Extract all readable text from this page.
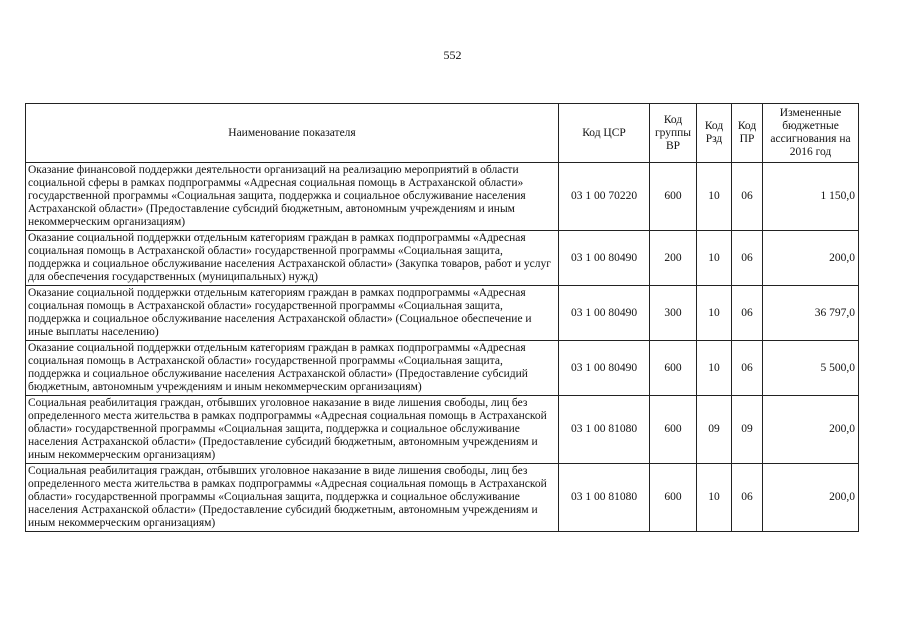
552
Наименование показателя	Код ЦСР	Код группы ВР	Код Рзд	Код ПР	Измененные бюджетные ассигнования на 2016 год
Оказание финансовой поддержки деятельности организаций на реализацию мероприятий в области социальной сферы в рамках подпрограммы «Адресная социальная помощь в Астраханской области» государственной программы «Социальная защита, поддержка и социальное обслуживание населения Астраханской области» (Предоставление субсидий бюджетным, автономным учреждениям и иным некоммерческим организациям)	03 1 00 70220	600	10	06	1 150,0
Оказание социальной поддержки отдельным категориям граждан в рамках подпрограммы «Адресная социальная помощь в Астраханской области» государственной программы «Социальная защита, поддержка и социальное обслуживание населения Астраханской области» (Закупка товаров, работ и услуг для обеспечения государственных (муниципальных) нужд)	03 1 00 80490	200	10	06	200,0
Оказание социальной поддержки отдельным категориям граждан в рамках подпрограммы «Адресная социальная помощь в Астраханской области» государственной программы «Социальная защита, поддержка и социальное обслуживание населения Астраханской области» (Социальное обеспечение и иные выплаты населению)	03 1 00 80490	300	10	06	36 797,0
Оказание социальной поддержки отдельным категориям граждан в рамках подпрограммы «Адресная социальная помощь в Астраханской области» государственной программы «Социальная защита, поддержка и социальное обслуживание населения Астраханской области» (Предоставление субсидий бюджетным, автономным учреждениям и иным некоммерческим организациям)	03 1 00 80490	600	10	06	5 500,0
Социальная реабилитация граждан, отбывших уголовное наказание в виде лишения свободы, лиц без определенного места жительства в рамках подпрограммы «Адресная социальная помощь в Астраханской области» государственной программы «Социальная защита, поддержка и социальное обслуживание населения Астраханской области» (Предоставление субсидий бюджетным, автономным учреждениям и иным некоммерческим организациям)	03 1 00 81080	600	09	09	200,0
Социальная реабилитация граждан, отбывших уголовное наказание в виде лишения свободы, лиц без определенного места жительства в рамках подпрограммы «Адресная социальная помощь в Астраханской области» государственной программы «Социальная защита, поддержка и социальное обслуживание населения Астраханской области» (Предоставление субсидий бюджетным, автономным учреждениям и иным некоммерческим организациям)	03 1 00 81080	600	10	06	200,0
